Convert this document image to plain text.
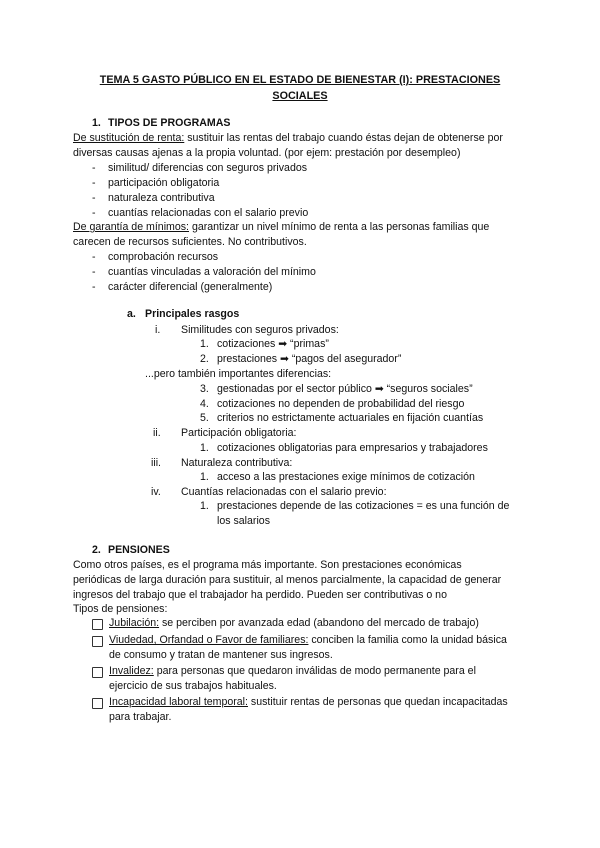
TEMA 5 GASTO PÚBLICO EN EL ESTADO DE BIENESTAR (I): PRESTACIONES
SOCIALES
1. TIPOS DE PROGRAMAS
De sustitución de renta: sustituir las rentas del trabajo cuando éstas dejan de obtenerse por
diversas causas ajenas a la propia voluntad. (por ejem: prestación por desempleo)
- similitud/ diferencias con seguros privados
- participación obligatoria
- naturaleza contributiva
- cuantías relacionadas con el salario previo
De garantía de mínimos: garantizar un nivel mínimo de renta a las personas familias que
carecen de recursos suficientes. No contributivos.
- comprobación recursos
- cuantías vinculadas a valoración del mínimo
- carácter diferencial (generalmente)
a. Principales rasgos
i. Similitudes con seguros privados:
1. cotizaciones ➡ “primas”
2. prestaciones ➡ “pagos del asegurador”
...pero también importantes diferencias:
3. gestionadas por el sector público ➡ “seguros sociales”
4. cotizaciones no dependen de probabilidad del riesgo
5. criterios no estrictamente actuariales en fijación cuantías
ii. Participación obligatoria:
1. cotizaciones obligatorias para empresarios y trabajadores
iii. Naturaleza contributiva:
1. acceso a las prestaciones exige mínimos de cotización
iv. Cuantías relacionadas con el salario previo:
1. prestaciones depende de las cotizaciones = es una función de
los salarios
2. PENSIONES
Como otros países, es el programa más importante. Son prestaciones económicas
periódicas de larga duración para sustituir, al menos parcialmente, la capacidad de generar
ingresos del trabajo que el trabajador ha perdido. Pueden ser contributivas o no
Tipos de pensiones:
Jubilación: se perciben por avanzada edad (abandono del mercado de trabajo)
Viudedad, Orfandad o Favor de familiares: conciben la familia como la unidad básica
de consumo y tratan de mantener sus ingresos.
Invalidez: para personas que quedaron inválidas de modo permanente para el
ejercicio de sus trabajos habituales.
Incapacidad laboral temporal: sustituir rentas de personas que quedan incapacitadas
para trabajar.
